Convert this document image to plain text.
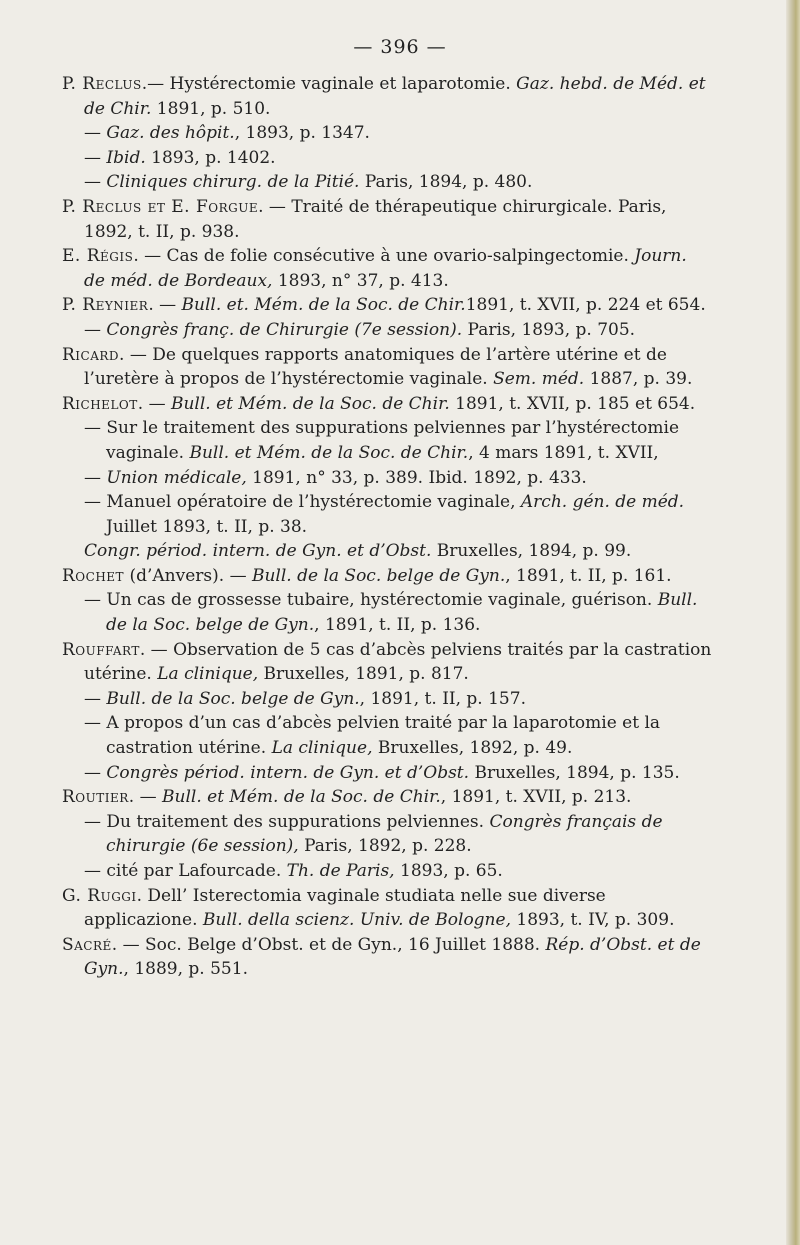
— 396 —
P. Reclus.— Hystérectomie vaginale et laparotomie. Gaz. hebd. de Méd. et de Chir. 1891, p. 510.
— Gaz. des hôpit., 1893, p. 1347.
— Ibid. 1893, p. 1402.
— Cliniques chirurg. de la Pitié. Paris, 1894, p. 480.
P. Reclus et E. Forgue. — Traité de thérapeutique chirurgicale. Paris, 1892, t. II, p. 938.
E. Régis. — Cas de folie consécutive à une ovario-salpingectomie. Journ. de méd. de Bordeaux, 1893, n° 37, p. 413.
P. Reynier. — Bull. et. Mém. de la Soc. de Chir.1891, t. XVII, p. 224 et 654.
— Congrès franç. de Chirurgie (7e session). Paris, 1893, p. 705.
Ricard. — De quelques rapports anatomiques de l’artère utérine et de l’uretère à propos de l’hystérectomie vaginale. Sem. méd. 1887, p. 39.
Richelot. — Bull. et Mém. de la Soc. de Chir. 1891, t. XVII, p. 185 et 654.
— Sur le traitement des suppurations pelviennes par l’hystérectomie vaginale. Bull. et Mém. de la Soc. de Chir., 4 mars 1891, t. XVII,
— Union médicale, 1891, n° 33, p. 389. Ibid. 1892, p. 433.
— Manuel opératoire de l’hystérectomie vaginale, Arch. gén. de méd. Juillet 1893, t. II, p. 38.
Congr. périod. intern. de Gyn. et d’Obst. Bruxelles, 1894, p. 99.
Rochet (d’Anvers). — Bull. de la Soc. belge de Gyn., 1891, t. II, p. 161.
— Un cas de grossesse tubaire, hystérectomie vaginale, guérison. Bull. de la Soc. belge de Gyn., 1891, t. II, p. 136.
Rouffart. — Observation de 5 cas d’abcès pelviens traités par la castration utérine. La clinique, Bruxelles, 1891, p. 817.
— Bull. de la Soc. belge de Gyn., 1891, t. II, p. 157.
— A propos d’un cas d’abcès pelvien traité par la laparotomie et la castration utérine. La clinique, Bruxelles, 1892, p. 49.
— Congrès périod. intern. de Gyn. et d’Obst. Bruxelles, 1894, p. 135.
Routier. — Bull. et Mém. de la Soc. de Chir., 1891, t. XVII, p. 213.
— Du traitement des suppurations pelviennes. Congrès français de chirurgie (6e session), Paris, 1892, p. 228.
— cité par Lafourcade. Th. de Paris, 1893, p. 65.
G. Ruggi. Dell’ Isterectomia vaginale studiata nelle sue diverse applicazione. Bull. della scienz. Univ. de Bologne, 1893, t. IV, p. 309.
Sacré. — Soc. Belge d’Obst. et de Gyn., 16 Juillet 1888. Rép. d’Obst. et de Gyn., 1889, p. 551.
